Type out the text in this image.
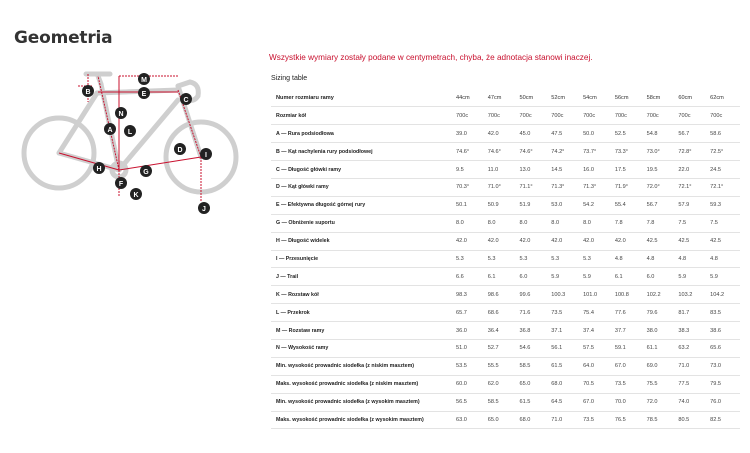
Geometria
M
E
B
C
N
L
A
D
I
H	G
F
K
J
Wszystkie wymiary zostały podane w centymetrach, chyba, że adnotacja stanowi inaczej.
Sizing table
Numer rozmiaru ramy	44cm	47cm	50cm	52cm	54cm	56cm	58cm	60cm	62cm
Rozmiar kół	700c	700c	700c	700c	700c	700c	700c	700c	700c
A — Rura podsiodłowa	39.0	42.0	45.0	47.5	50.0	52.5	54.8	56.7	58.6
B — Kąt nachylenia rury podsiodłowej	74.6°	74.6°	74.6°	74.2°	73.7°	73.3°	73.0°	72.8°	72.5°
C — Długość główki ramy	9.5	11.0	13.0	14.5	16.0	17.5	19.5	22.0	24.5
D — Kąt główki ramy	70.3°	71.0°	71.1°	71.3°	71.3°	71.9°	72.0°	72.1°	72.1°
E — Efektywna długość górnej rury	50.1	50.9	51.9	53.0	54.2	55.4	56.7	57.9	59.3
G — Obniżenie suportu	8.0	8.0	8.0	8.0	8.0	7.8	7.8	7.5	7.5
H — Długość widelek	42.0	42.0	42.0	42.0	42.0	42.0	42.5	42.5	42.5
I — Przesunięcie	5.3	5.3	5.3	5.3	5.3	4.8	4.8	4.8	4.8
J — Trail	6.6	6.1	6.0	5.9	5.9	6.1	6.0	5.9	5.9
K — Rozstaw kół	98.3	98.6	99.6	100.3	101.0	100.8	102.2	103.2	104.2
L — Przekrok	65.7	68.6	71.6	73.5	75.4	77.6	79.6	81.7	83.5
M — Rozstaw ramy	36.0	36.4	36.8	37.1	37.4	37.7	38.0	38.3	38.6
N — Wysokość ramy	51.0	52.7	54.6	56.1	57.5	59.1	61.1	63.2	65.6
Min. wysokość prowadnic siodełka (z niskim masztem)	53.5	55.5	58.5	61.5	64.0	67.0	69.0	71.0	73.0
Maks. wysokość prowadnic siodełka (z niskim masztem)	60.0	62.0	65.0	68.0	70.5	73.5	75.5	77.5	79.5
Min. wysokość prowadnic siodełka (z wysokim masztem)	56.5	58.5	61.5	64.5	67.0	70.0	72.0	74.0	76.0
Maks. wysokość prowadnic siodełka (z wysokim masztem)	63.0	65.0	68.0	71.0	73.5	76.5	78.5	80.5	82.5
